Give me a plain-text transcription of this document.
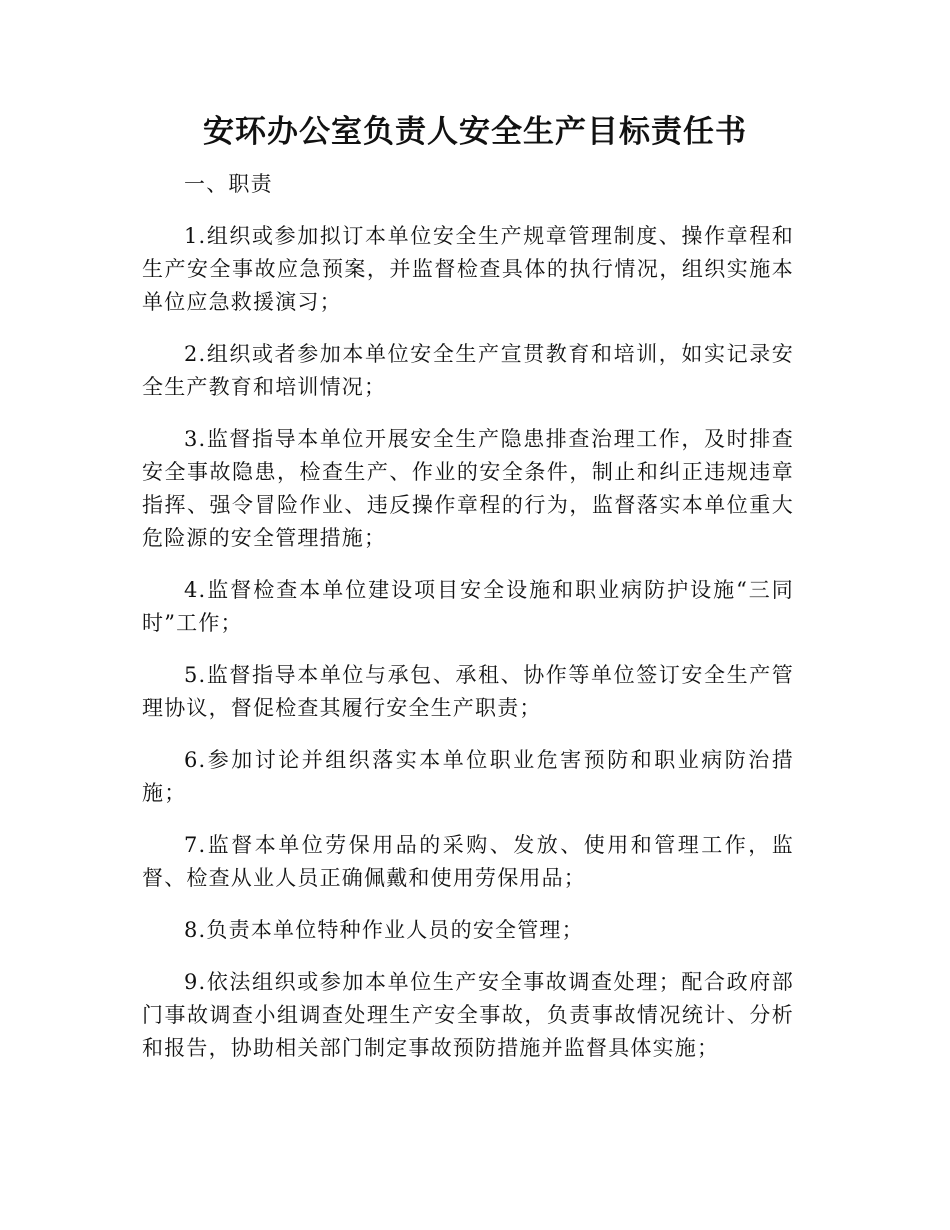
安环办公室负责人安全生产目标责任书

一、职责

1.组织或参加拟订本单位安全生产规章管理制度、操作章程和生产安全事故应急预案，并监督检查具体的执行情况，组织实施本单位应急救援演习；

2.组织或者参加本单位安全生产宣贯教育和培训，如实记录安全生产教育和培训情况；

3.监督指导本单位开展安全生产隐患排查治理工作，及时排查安全事故隐患，检查生产、作业的安全条件，制止和纠正违规违章指挥、强令冒险作业、违反操作章程的行为，监督落实本单位重大危险源的安全管理措施；

4.监督检查本单位建设项目安全设施和职业病防护设施“三同时”工作；

5.监督指导本单位与承包、承租、协作等单位签订安全生产管理协议，督促检查其履行安全生产职责；

6.参加讨论并组织落实本单位职业危害预防和职业病防治措施；

7.监督本单位劳保用品的采购、发放、使用和管理工作，监督、检查从业人员正确佩戴和使用劳保用品；

8.负责本单位特种作业人员的安全管理；

9.依法组织或参加本单位生产安全事故调查处理；配合政府部门事故调查小组调查处理生产安全事故，负责事故情况统计、分析和报告，协助相关部门制定事故预防措施并监督具体实施；
